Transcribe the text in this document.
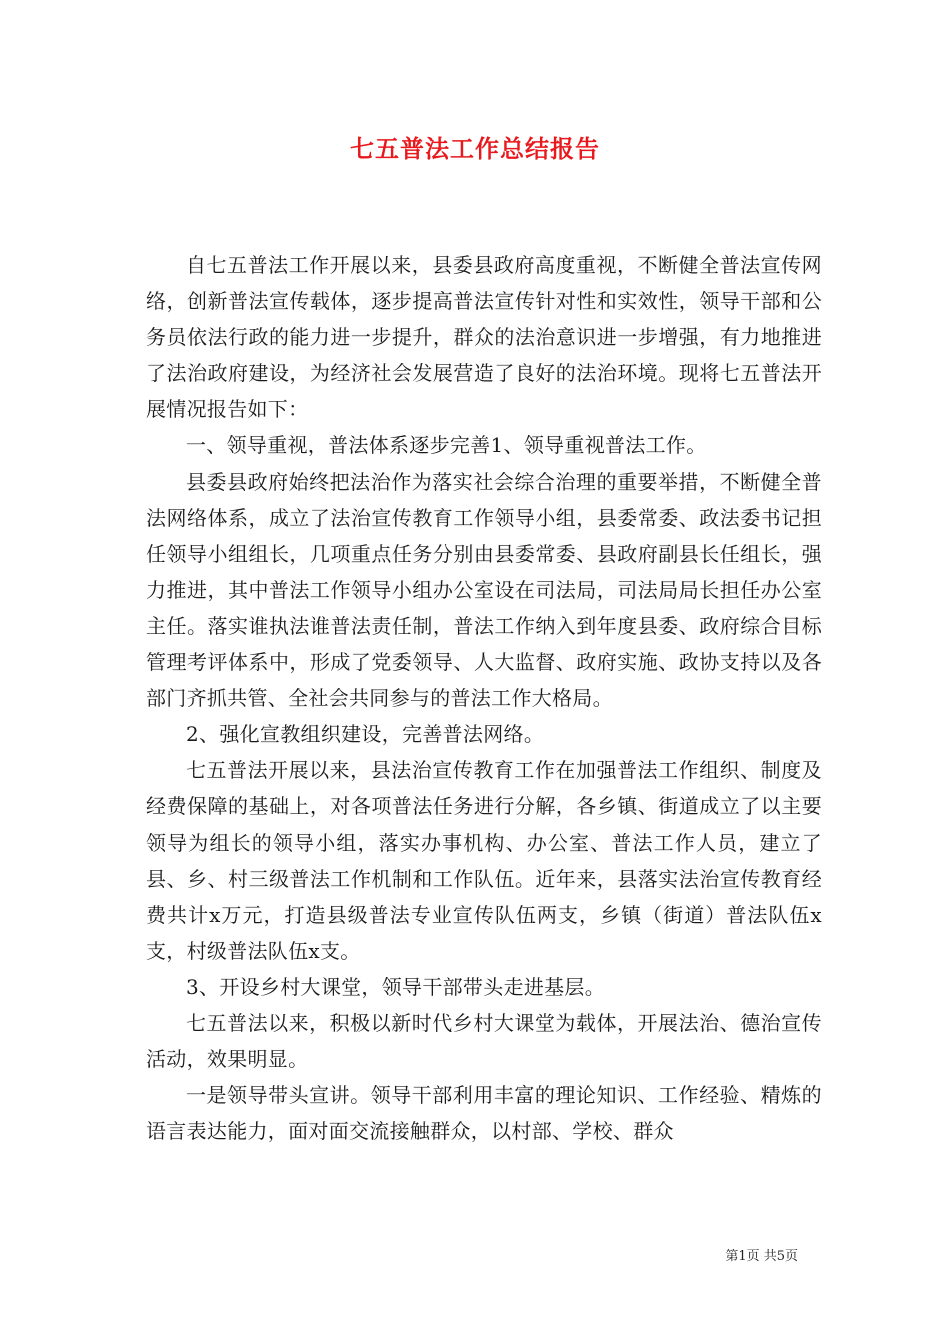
七五普法工作总结报告

自七五普法工作开展以来，县委县政府高度重视，不断健全普法宣传网络，创新普法宣传载体，逐步提高普法宣传针对性和实效性，领导干部和公务员依法行政的能力进一步提升，群众的法治意识进一步增强，有力地推进了法治政府建设，为经济社会发展营造了良好的法治环境。现将七五普法开展情况报告如下：

一、领导重视，普法体系逐步完善1、领导重视普法工作。

县委县政府始终把法治作为落实社会综合治理的重要举措，不断健全普法网络体系，成立了法治宣传教育工作领导小组，县委常委、政法委书记担任领导小组组长，几项重点任务分别由县委常委、县政府副县长任组长，强力推进，其中普法工作领导小组办公室设在司法局，司法局局长担任办公室主任。落实谁执法谁普法责任制，普法工作纳入到年度县委、政府综合目标管理考评体系中，形成了党委领导、人大监督、政府实施、政协支持以及各部门齐抓共管、全社会共同参与的普法工作大格局。

2、强化宣教组织建设，完善普法网络。

七五普法开展以来，县法治宣传教育工作在加强普法工作组织、制度及经费保障的基础上，对各项普法任务进行分解，各乡镇、街道成立了以主要领导为组长的领导小组，落实办事机构、办公室、普法工作人员，建立了县、乡、村三级普法工作机制和工作队伍。近年来，县落实法治宣传教育经费共计x万元，打造县级普法专业宣传队伍两支，乡镇（街道）普法队伍x支，村级普法队伍x支。

3、开设乡村大课堂，领导干部带头走进基层。

七五普法以来，积极以新时代乡村大课堂为载体，开展法治、德治宣传活动，效果明显。

一是领导带头宣讲。领导干部利用丰富的理论知识、工作经验、精炼的语言表达能力，面对面交流接触群众，以村部、学校、群众

第1页 共5页
